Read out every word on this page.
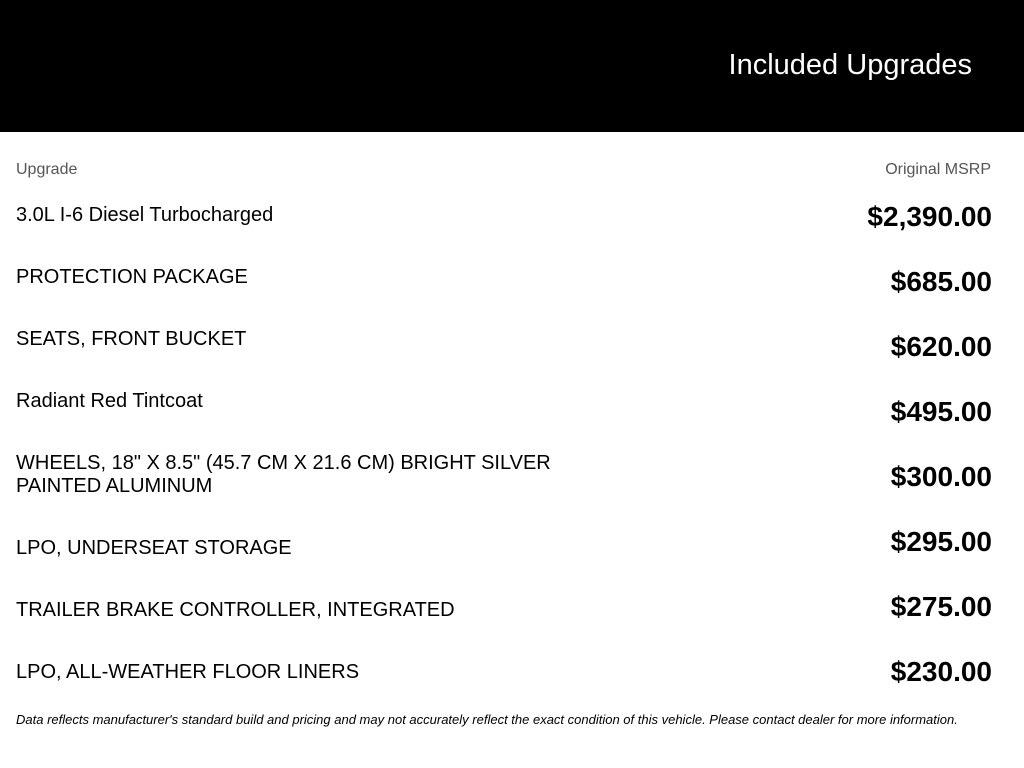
Included Upgrades
Upgrade	Original MSRP
3.0L I-6 Diesel Turbocharged	$2,390.00
PROTECTION PACKAGE	$685.00
SEATS, FRONT BUCKET	$620.00
Radiant Red Tintcoat	$495.00
WHEELS, 18" X 8.5" (45.7 CM X 21.6 CM) BRIGHT SILVER PAINTED ALUMINUM	$300.00
LPO, UNDERSEAT STORAGE	$295.00
TRAILER BRAKE CONTROLLER, INTEGRATED	$275.00
LPO, ALL-WEATHER FLOOR LINERS	$230.00
Data reflects manufacturer's standard build and pricing and may not accurately reflect the exact condition of this vehicle. Please contact dealer for more information.
